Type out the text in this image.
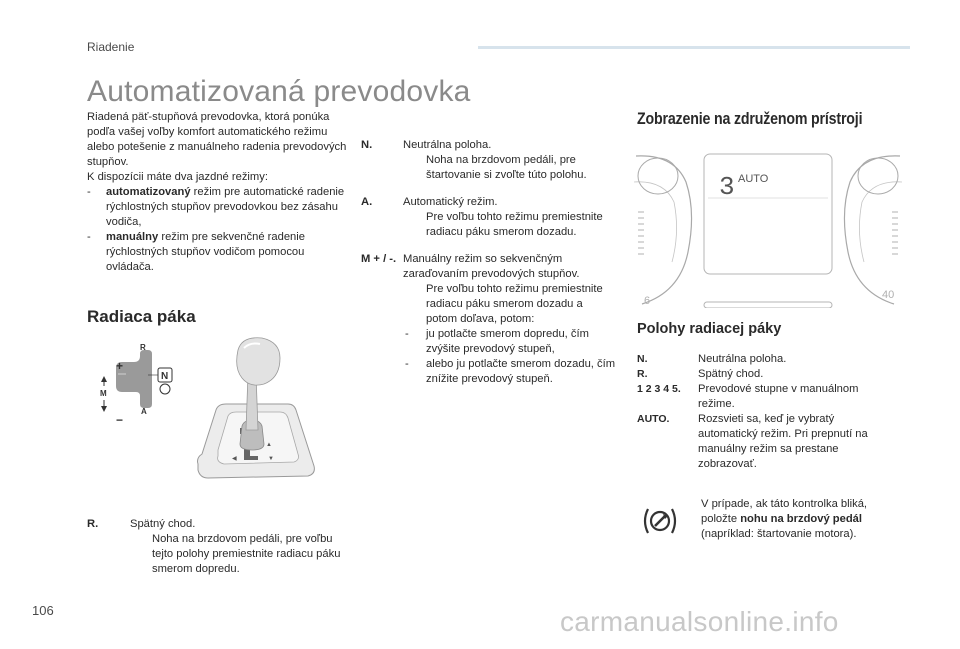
Riadenie
Automatizovaná prevodovka

Riadená päť-stupňová prevodovka, ktorá ponúka podľa vašej voľby komfort automatického režimu alebo potešenie z manuálneho radenia prevodových stupňov.

K dispozícii máte dva jazdné režimy:

- automatizovaný režim pre automatické radenie rýchlostných stupňov prevodovkou bez zásahu vodiča,
- manuálny režim pre sekvenčné radenie rýchlostných stupňov vodičom pomocou ovládača.
Radiaca páka
R
+
M
−
A
N
▲
▼
◀
R.	Spätný chod.
Noha na brzdovom pedáli, pre voľbu tejto polohy premiestnite radiacu páku smerom dopredu.
N.	Neutrálna poloha.
Noha na brzdovom pedáli, pre štartovanie si zvoľte túto polohu.
A.	Automatický režim.
Pre voľbu tohto režimu premiestnite radiacu páku smerom dozadu.
M + / -. Manuálny režim so sekvenčným zaraďovaním prevodových stupňov.
Pre voľbu tohto režimu premiestnite radiacu páku smerom dozadu a potom doľava, potom:
- ju potlačte smerom dopredu, čím zvýšite prevodový stupeň,
- alebo ju potlačte smerom dozadu, čím znížite prevodový stupeň.
Zobrazenie na združenom prístroji
3 AUTO
6	40
Polohy radiacej páky
N.	Neutrálna poloha.
R.	Spätný chod.
1 2 3 4 5. Prevodové stupne v manuálnom režime.
AUTO.	Rozsvieti sa, keď je vybratý automatický režim. Pri prepnutí na manuálny režim sa prestane zobrazovať.
V prípade, ak táto kontrolka bliká, položte nohu na brzdový pedál (napríklad: štartovanie motora).
106	carmanualsonline.info
